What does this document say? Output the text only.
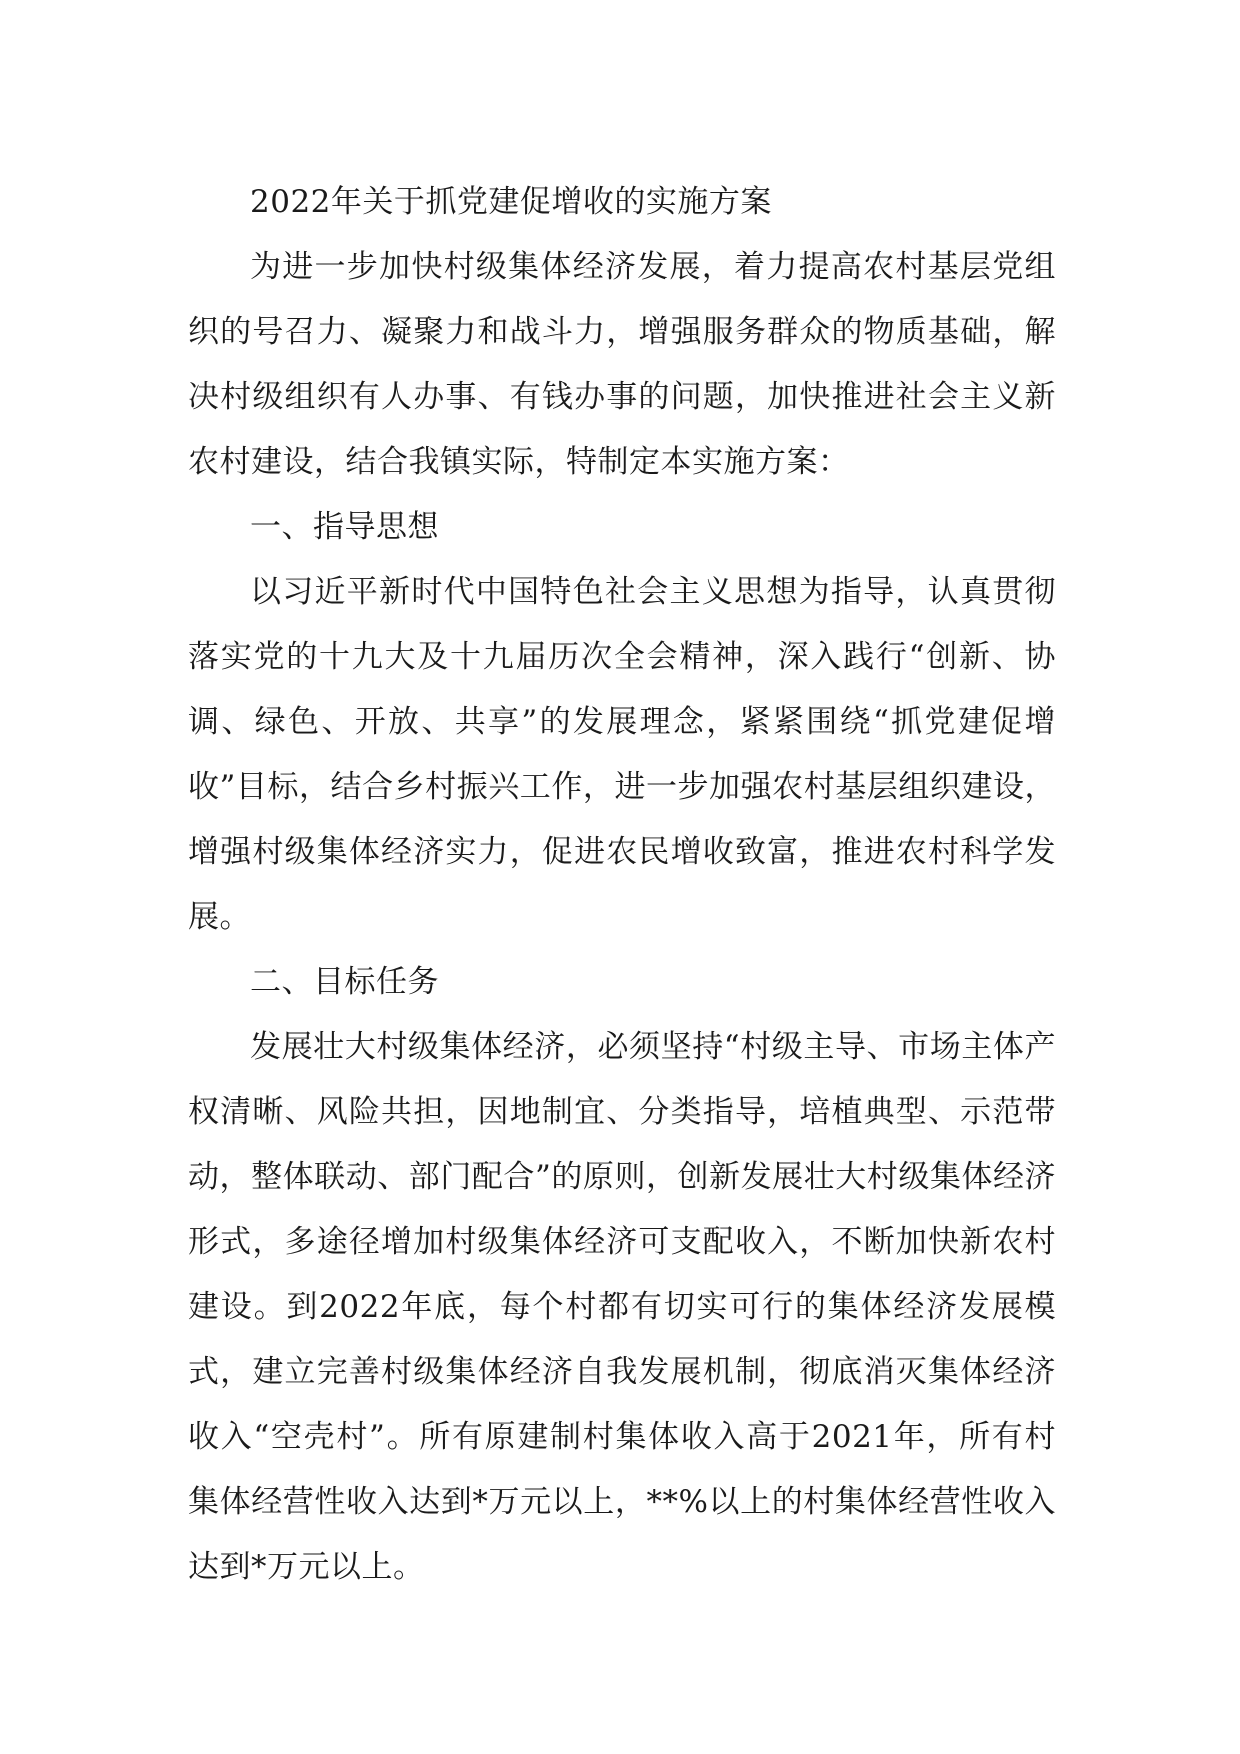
2022年关于抓党建促增收的实施方案

为进一步加快村级集体经济发展，着力提高农村基层党组织的号召力、凝聚力和战斗力，增强服务群众的物质基础，解决村级组织有人办事、有钱办事的问题，加快推进社会主义新农村建设，结合我镇实际，特制定本实施方案：

一、指导思想

以习近平新时代中国特色社会主义思想为指导，认真贯彻落实党的十九大及十九届历次全会精神，深入践行“创新、协调、绿色、开放、共享”的发展理念，紧紧围绕“抓党建促增收”目标，结合乡村振兴工作，进一步加强农村基层组织建设，增强村级集体经济实力，促进农民增收致富，推进农村科学发展。

二、目标任务

发展壮大村级集体经济，必须坚持“村级主导、市场主体产权清晰、风险共担，因地制宜、分类指导，培植典型、示范带动，整体联动、部门配合”的原则，创新发展壮大村级集体经济形式，多途径增加村级集体经济可支配收入，不断加快新农村建设。到2022年底，每个村都有切实可行的集体经济发展模式，建立完善村级集体经济自我发展机制，彻底消灭集体经济收入“空壳村”。所有原建制村集体收入高于2021年，所有村集体经营性收入达到*万元以上，**%以上的村集体经营性收入达到*万元以上。
